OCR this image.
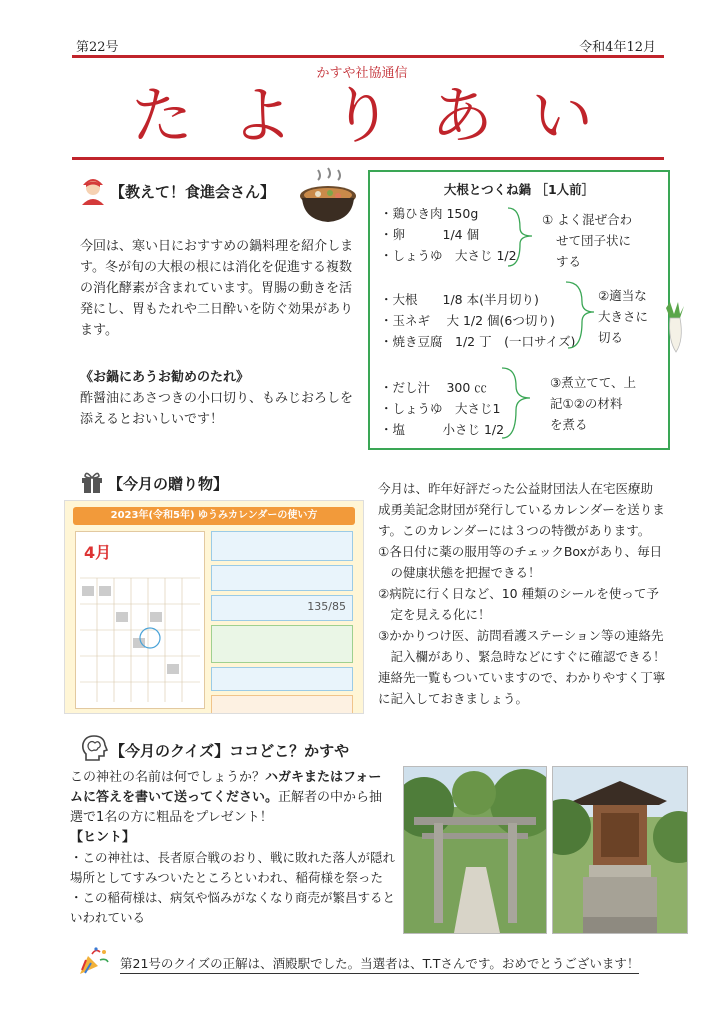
第22号	令和4年12月
かすや社協通信
たよりあい
【教えて！食進会さん】
今回は、寒い日におすすめの鍋料理を紹介しま
す。冬が旬の大根の根には消化を促進する複数
の消化酵素が含まれています。胃腸の動きを活
発にし、胃もたれや二日酔いを防ぐ効果があり
ます。
《お鍋にあうお勧めのたれ》
酢醤油にあさつきの小口切り、もみじおろしを
添えるとおいしいです！
大根とつくね鍋 ［1人前］
・鶏ひき肉 150g
・卵　　　1/4 個
・しょうゆ　大さじ 1/2
① よく混ぜ合わ
せて団子状に
する
・大根　　1/8 本(半月切り)
・玉ネギ　 大 1/2 個(6つ切り)
・焼き豆腐　1/2 丁　(一口サイズ)
②適当な
大きさに
切る
・だし汁　 300 ㏄
・しょうゆ　大さじ1
・塩　　　小さじ 1/2
③煮立てて、上
記①②の材料
を煮る
【今月の贈り物】
2023年(令和5年) ゆうみカレンダーの使い方
4月
135/85
今月は、昨年好評だった公益財団法人在宅医療助
成勇美記念財団が発行しているカレンダーを送りま
す。このカレンダーには３つの特徴があります。
①各日付に薬の服用等のチェックBoxがあり、毎日
　の健康状態を把握できる！
②病院に行く日など、10 種類のシールを使って予
　定を見える化に！
③かかりつけ医、訪問看護ステーション等の連絡先
　記入欄があり、緊急時などにすぐに確認できる！
連絡先一覧もついていますので、わかりやすく丁寧
に記入しておきましょう。
【今月のクイズ】ココどこ？かすや
この神社の名前は何でしょうか？ハガキまたはフォー
ムに答えを書いて送ってください。正解者の中から抽
選で1名の方に粗品をプレゼント！
【ヒント】
・この神社は、長者原合戦のおり、戦に敗れた落人が隠れ
場所としてすみついたところといわれ、稲荷様を祭った
・この稲荷様は、病気や悩みがなくなり商売が繁昌すると
いわれている
第21号のクイズの正解は、酒殿駅でした。当選者は、T.Tさんです。おめでとうございます！
